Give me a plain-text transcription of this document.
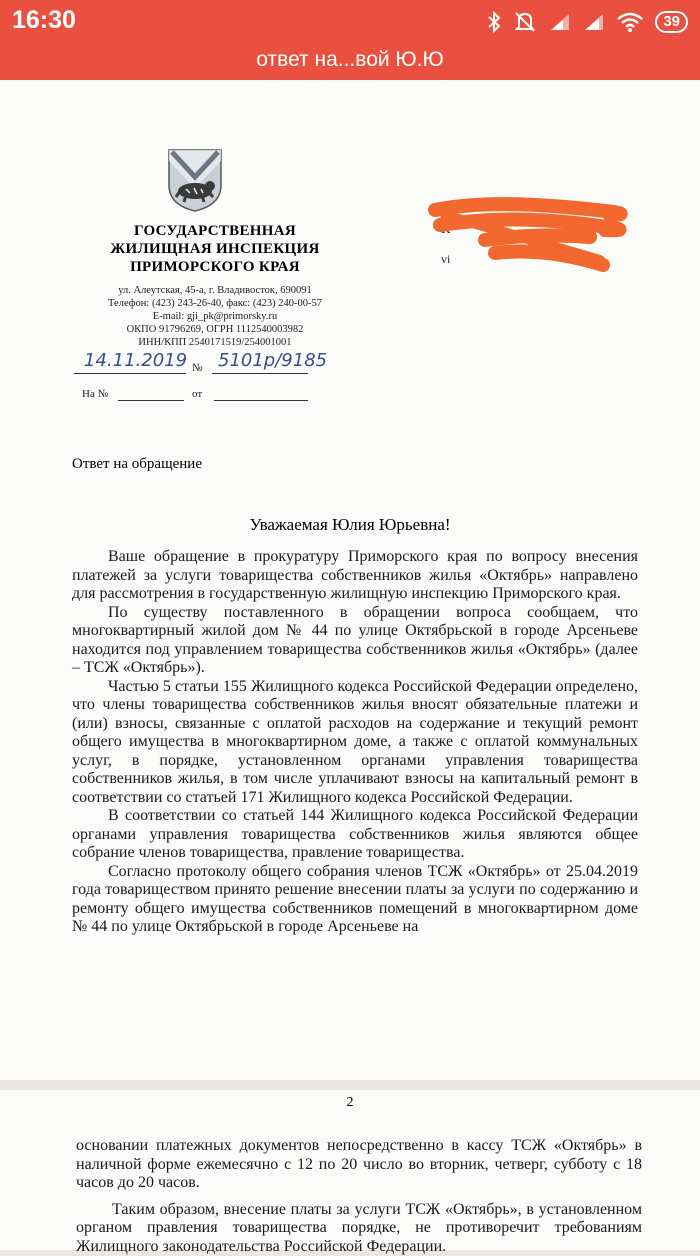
16:30	39
ответ на...вой Ю.Ю
ГОСУДАРСТВЕННАЯ
ЖИЛИЩНАЯ ИНСПЕКЦИЯ
ПРИМОРСКОГО КРАЯ
ул. Алеутская, 45-а, г. Владивосток, 690091
Телефон: (423) 243-26-40, факс: (423) 240-00-57
E-mail: gji_pk@primorsky.ru
ОКПО 91796269, ОГРН 1112540003982
ИНН/КПП 2540171519/254001001
14.11.2019 № 5101р/9185
На №	от
К
vi
Ответ на обращение
Уважаемая Юлия Юрьевна!

Ваше обращение в прокуратуру Приморского края по вопросу внесения платежей за услуги товарищества собственников жилья «Октябрь» направлено для рассмотрения в государственную жилищную инспекцию Приморского края.

По существу поставленного в обращении вопроса сообщаем, что многоквартирный жилой дом № 44 по улице Октябрьской в городе Арсеньеве находится под управлением товарищества собственников жилья «Октябрь» (далее – ТСЖ «Октябрь»).

Частью 5 статьи 155 Жилищного кодекса Российской Федерации определено, что члены товарищества собственников жилья вносят обязательные платежи и (или) взносы, связанные с оплатой расходов на содержание и текущий ремонт общего имущества в многоквартирном доме, а также с оплатой коммунальных услуг, в порядке, установленном органами управления товарищества собственников жилья, в том числе уплачивают взносы на капитальный ремонт в соответствии со статьей 171 Жилищного кодекса Российской Федерации.

В соответствии со статьей 144 Жилищного кодекса Российской Федерации органами управления товарищества собственников жилья являются общее собрание членов товарищества, правление товарищества.

Согласно протоколу общего собрания членов ТСЖ «Октябрь» от 25.04.2019 года товариществом принято решение внесении платы за услуги по содержанию и ремонту общего имущества собственников помещений в многоквартирном доме № 44 по улице Октябрьской в городе Арсеньеве на

2

основании платежных документов непосредственно в кассу ТСЖ «Октябрь» в наличной форме ежемесячно с 12 по 20 число во вторник, четверг, субботу с 18 часов до 20 часов.

Таким образом, внесение платы за услуги ТСЖ «Октябрь», в установленном органом правления товарищества порядке, не противоречит требованиям Жилищного законодательства Российской Федерации.
